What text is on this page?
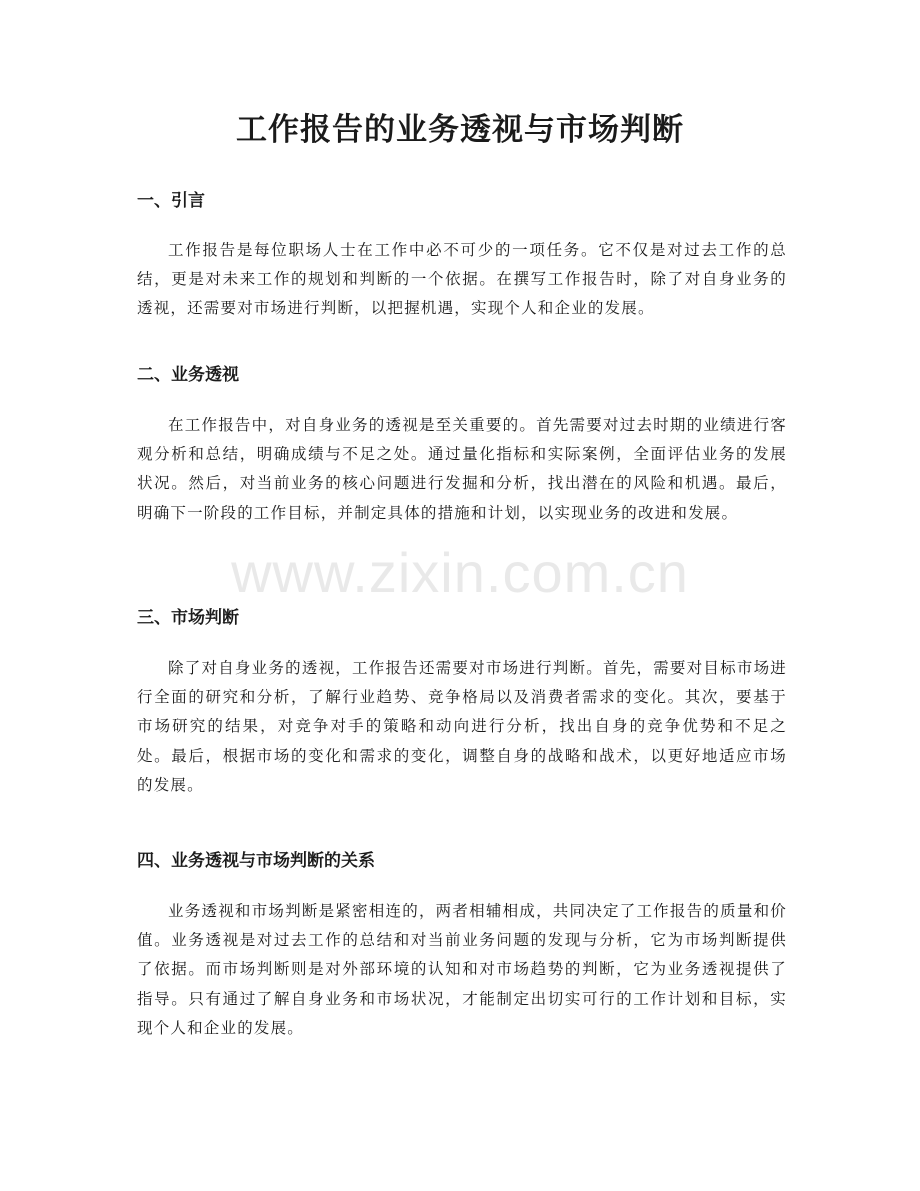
工作报告的业务透视与市场判断
一、引言

工作报告是每位职场人士在工作中必不可少的一项任务。它不仅是对过去工作的总结，更是对未来工作的规划和判断的一个依据。在撰写工作报告时，除了对自身业务的透视，还需要对市场进行判断，以把握机遇，实现个人和企业的发展。

二、业务透视

在工作报告中，对自身业务的透视是至关重要的。首先需要对过去时期的业绩进行客观分析和总结，明确成绩与不足之处。通过量化指标和实际案例，全面评估业务的发展状况。然后，对当前业务的核心问题进行发掘和分析，找出潜在的风险和机遇。最后，明确下一阶段的工作目标，并制定具体的措施和计划，以实现业务的改进和发展。

三、市场判断

除了对自身业务的透视，工作报告还需要对市场进行判断。首先，需要对目标市场进行全面的研究和分析，了解行业趋势、竞争格局以及消费者需求的变化。其次，要基于市场研究的结果，对竞争对手的策略和动向进行分析，找出自身的竞争优势和不足之处。最后，根据市场的变化和需求的变化，调整自身的战略和战术，以更好地适应市场的发展。

四、业务透视与市场判断的关系

业务透视和市场判断是紧密相连的，两者相辅相成，共同决定了工作报告的质量和价值。业务透视是对过去工作的总结和对当前业务问题的发现与分析，它为市场判断提供了依据。而市场判断则是对外部环境的认知和对市场趋势的判断，它为业务透视提供了指导。只有通过了解自身业务和市场状况，才能制定出切实可行的工作计划和目标，实现个人和企业的发展。

www.zixin.com.cn
